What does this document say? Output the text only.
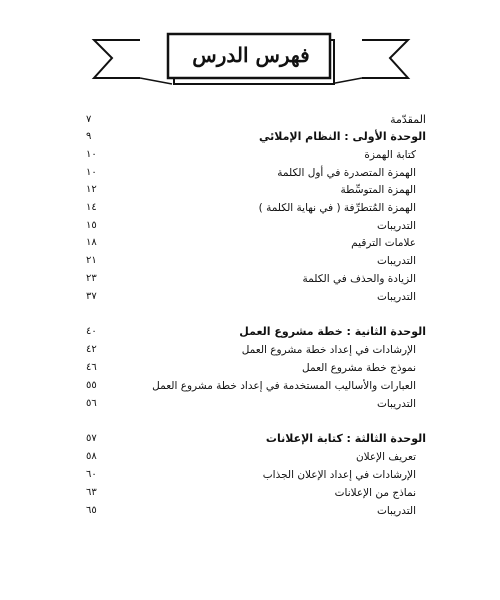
فهرس الدرس
المقدّمة
٧
الوحدة الأولى : النظام الإملائي
٩
كتابة الهمزة
١٠
الهمزة المتصدرة في أول الكلمة
١٠
الهمزة المتوسِّطة
١٢
الهمزة المُتطرِّفة ( في نهاية الكلمة )
١٤
التدريبات
١٥
علامات الترقيم
١٨
التدريبات
٢١
الزيادة والحذف في الكلمة
٢٣
التدريبات
٣٧
الوحدة الثانية : خطة مشروع العمل
٤٠
الإرشادات في إعداد خطة مشروع العمل
٤٢
نموذج خطة مشروع العمل
٤٦
العبارات والأساليب المستخدمة في إعداد خطة مشروع العمل
٥٥
التدريبات
٥٦
الوحدة الثالثة : كتابة الإعلانات
٥٧
تعريف الإعلان
٥٨
الإرشادات في إعداد الإعلان الجذاب
٦٠
نماذج من الإعلانات
٦٣
التدريبات
٦٥
